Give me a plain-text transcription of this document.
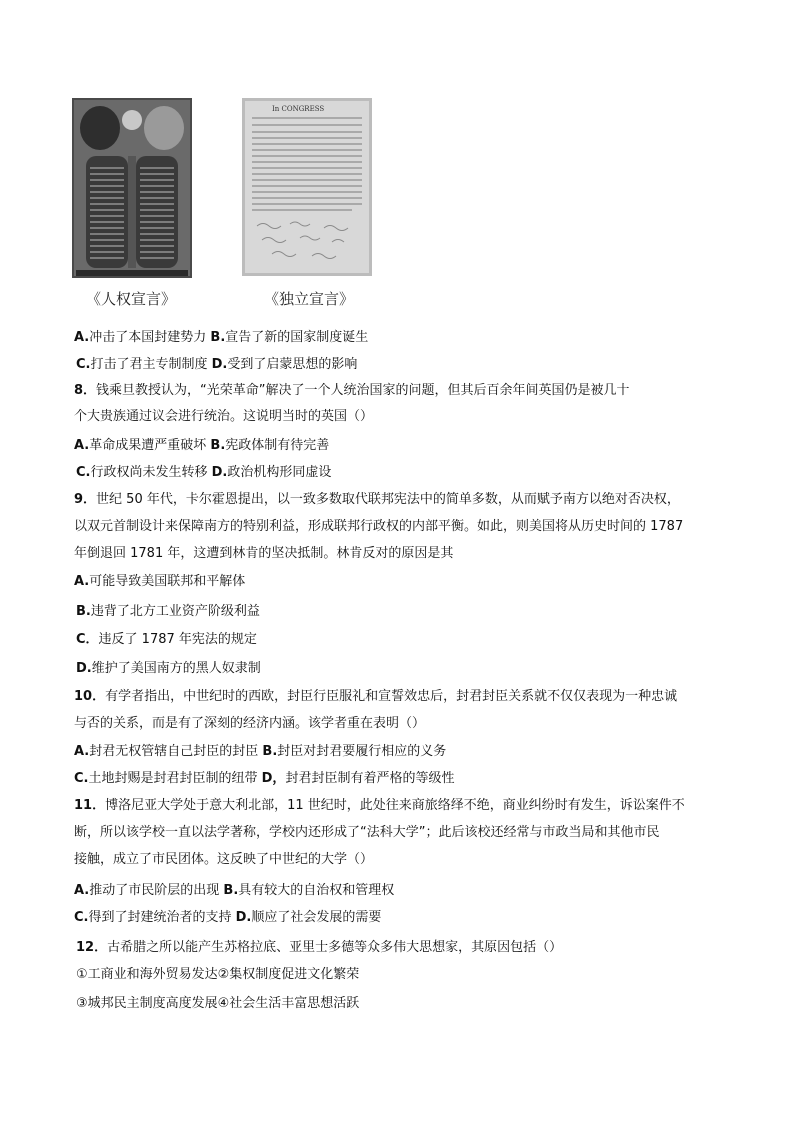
《人权宣言》
In CONGRESS
《独立宣言》
A.冲击了本国封建势力 B.宣告了新的国家制度诞生
C.打击了君主专制制度 D.受到了启蒙思想的影响
8．钱乘旦教授认为，“光荣革命”解决了一个人统治国家的问题，但其后百余年间英国仍是被几十
个大贵族通过议会进行统治。这说明当时的英国（）
A.革命成果遭严重破坏 B.宪政体制有待完善
C.行政权尚未发生转移 D.政治机构形同虚设
9．世纪 50 年代，卡尔霍恩提出，以一致多数取代联邦宪法中的简单多数，从而赋予南方以绝对否决权，
以双元首制设计来保障南方的特别利益，形成联邦行政权的内部平衡。如此，则美国将从历史时间的 1787
年倒退回 1781 年，这遭到林肯的坚决抵制。林肯反对的原因是其
A.可能导致美国联邦和平解体
B.违背了北方工业资产阶级利益
C．违反了 1787 年宪法的规定
D.维护了美国南方的黑人奴隶制
10．有学者指出，中世纪时的西欧，封臣行臣服礼和宣誓效忠后，封君封臣关系就不仅仅表现为一种忠诚
与否的关系，而是有了深刻的经济内涵。该学者重在表明（）
A.封君无权管辖自己封臣的封臣 B.封臣对封君要履行相应的义务
C.土地封赐是封君封臣制的纽带 D，封君封臣制有着严格的等级性
11．博洛尼亚大学处于意大利北部，11 世纪时，此处往来商旅络绎不绝，商业纠纷时有发生，诉讼案件不
断，所以该学校一直以法学著称，学校内还形成了“法科大学”；此后该校还经常与市政当局和其他市民
接触，成立了市民团体。这反映了中世纪的大学（）
A.推动了市民阶层的出现 B.具有较大的自治权和管理权
C.得到了封建统治者的支持 D.顺应了社会发展的需要
12．古希腊之所以能产生苏格拉底、亚里士多德等众多伟大思想家，其原因包括（）
①工商业和海外贸易发达②集权制度促进文化繁荣
③城邦民主制度高度发展④社会生活丰富思想活跃
